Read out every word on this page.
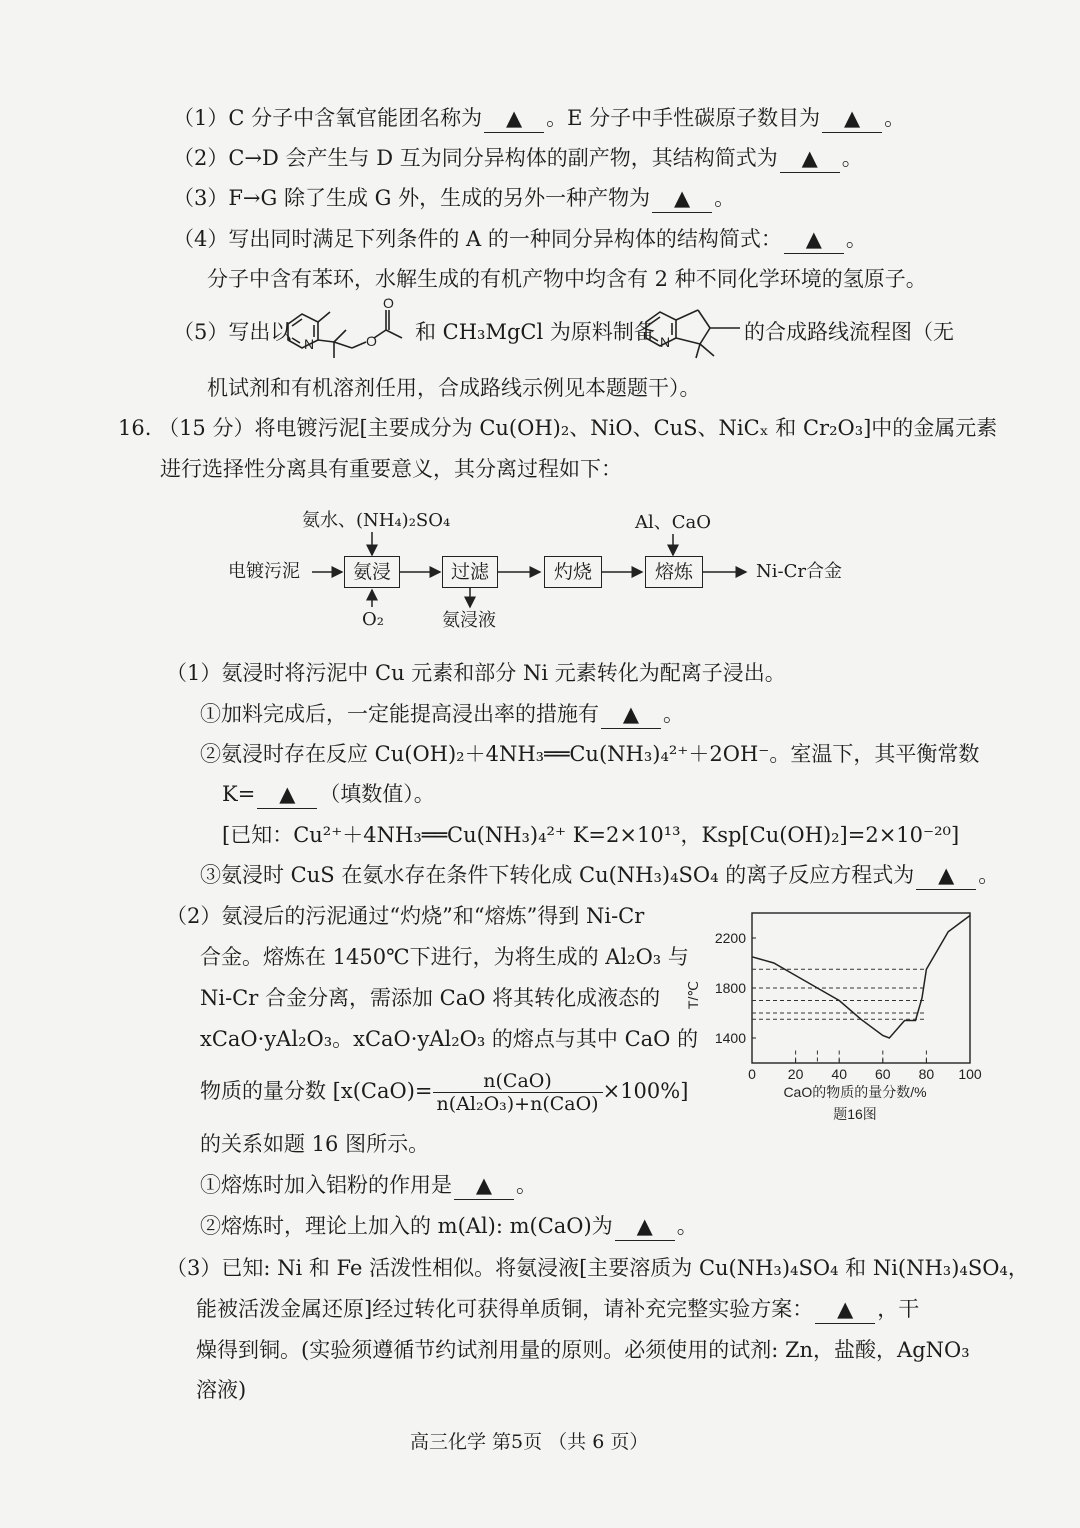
（1）C 分子中含氧官能团名称为 ▲ 。E 分子中手性碳原子数目为 ▲ 。
（2）C→D 会产生与 D 互为同分异构体的副产物，其结构简式为 ▲ 。
（3）F→G 除了生成 G 外，生成的另外一种产物为 ▲ 。
（4）写出同时满足下列条件的 A 的一种同分异构体的结构简式： ▲ 。
分子中含有苯环，水解生成的有机产物中均含有 2 种不同化学环境的氢原子。
（5）写出以 N	O
O
和 CH₃MgCl 为原料制备 N	的合成路线流程图（无
机试剂和有机溶剂任用，合成路线示例见本题题干）。
16. （15 分）将电镀污泥[主要成分为 Cu(OH)₂、NiO、CuS、NiCₓ 和 Cr₂O₃]中的金属元素
进行选择性分离具有重要意义，其分离过程如下：
电镀污泥
氨水、(NH₄)₂SO₄
氨浸
O₂
过滤
氨浸液
灼烧
Al、CaO
熔炼	Ni-Cr合金
（1）氨浸时将污泥中 Cu 元素和部分 Ni 元素转化为配离子浸出。
①加料完成后，一定能提高浸出率的措施有 ▲ 。
②氨浸时存在反应 Cu(OH)₂＋4NH₃══Cu(NH₃)₄²⁺＋2OH⁻。室温下，其平衡常数
K= ▲ （填数值）。
[已知：Cu²⁺＋4NH₃══Cu(NH₃)₄²⁺ K=2×10¹³，Ksp[Cu(OH)₂]=2×10⁻²⁰]
③氨浸时 CuS 在氨水存在条件下转化成 Cu(NH₃)₄SO₄ 的离子反应方程式为 ▲ 。
（2）氨浸后的污泥通过“灼烧”和“熔炼”得到 Ni-Cr
合金。熔炼在 1450℃下进行，为将生成的 Al₂O₃ 与
Ni-Cr 合金分离，需添加 CaO 将其转化成液态的
xCaO·yAl₂O₃。xCaO·yAl₂O₃ 的熔点与其中 CaO 的
物质的量分数 $[x(CaO)= \frac{\text{n(CaO)}}{\text{n(Al₂O₃)+n(CaO)}} \times 100\%]$
的关系如题 16 图所示。
①熔炼时加入铝粉的作用是 ▲ 。
②熔炼时，理论上加入的 m(Al): m(CaO)为 ▲ 。
0 20 40 60 80 100
1400
1800
2200
T/℃
CaO的物质的量分数/%
题16图
（3）已知: Ni 和 Fe 活泼性相似。将氨浸液[主要溶质为 Cu(NH₃)₄SO₄ 和 Ni(NH₃)₄SO₄，
能被活泼金属还原]经过转化可获得单质铜，请补充完整实验方案： ▲ ，干
燥得到铜。(实验须遵循节约试剂用量的原则。必须使用的试剂: Zn，盐酸，AgNO₃
溶液)
高三化学 第5页 （共 6 页）
